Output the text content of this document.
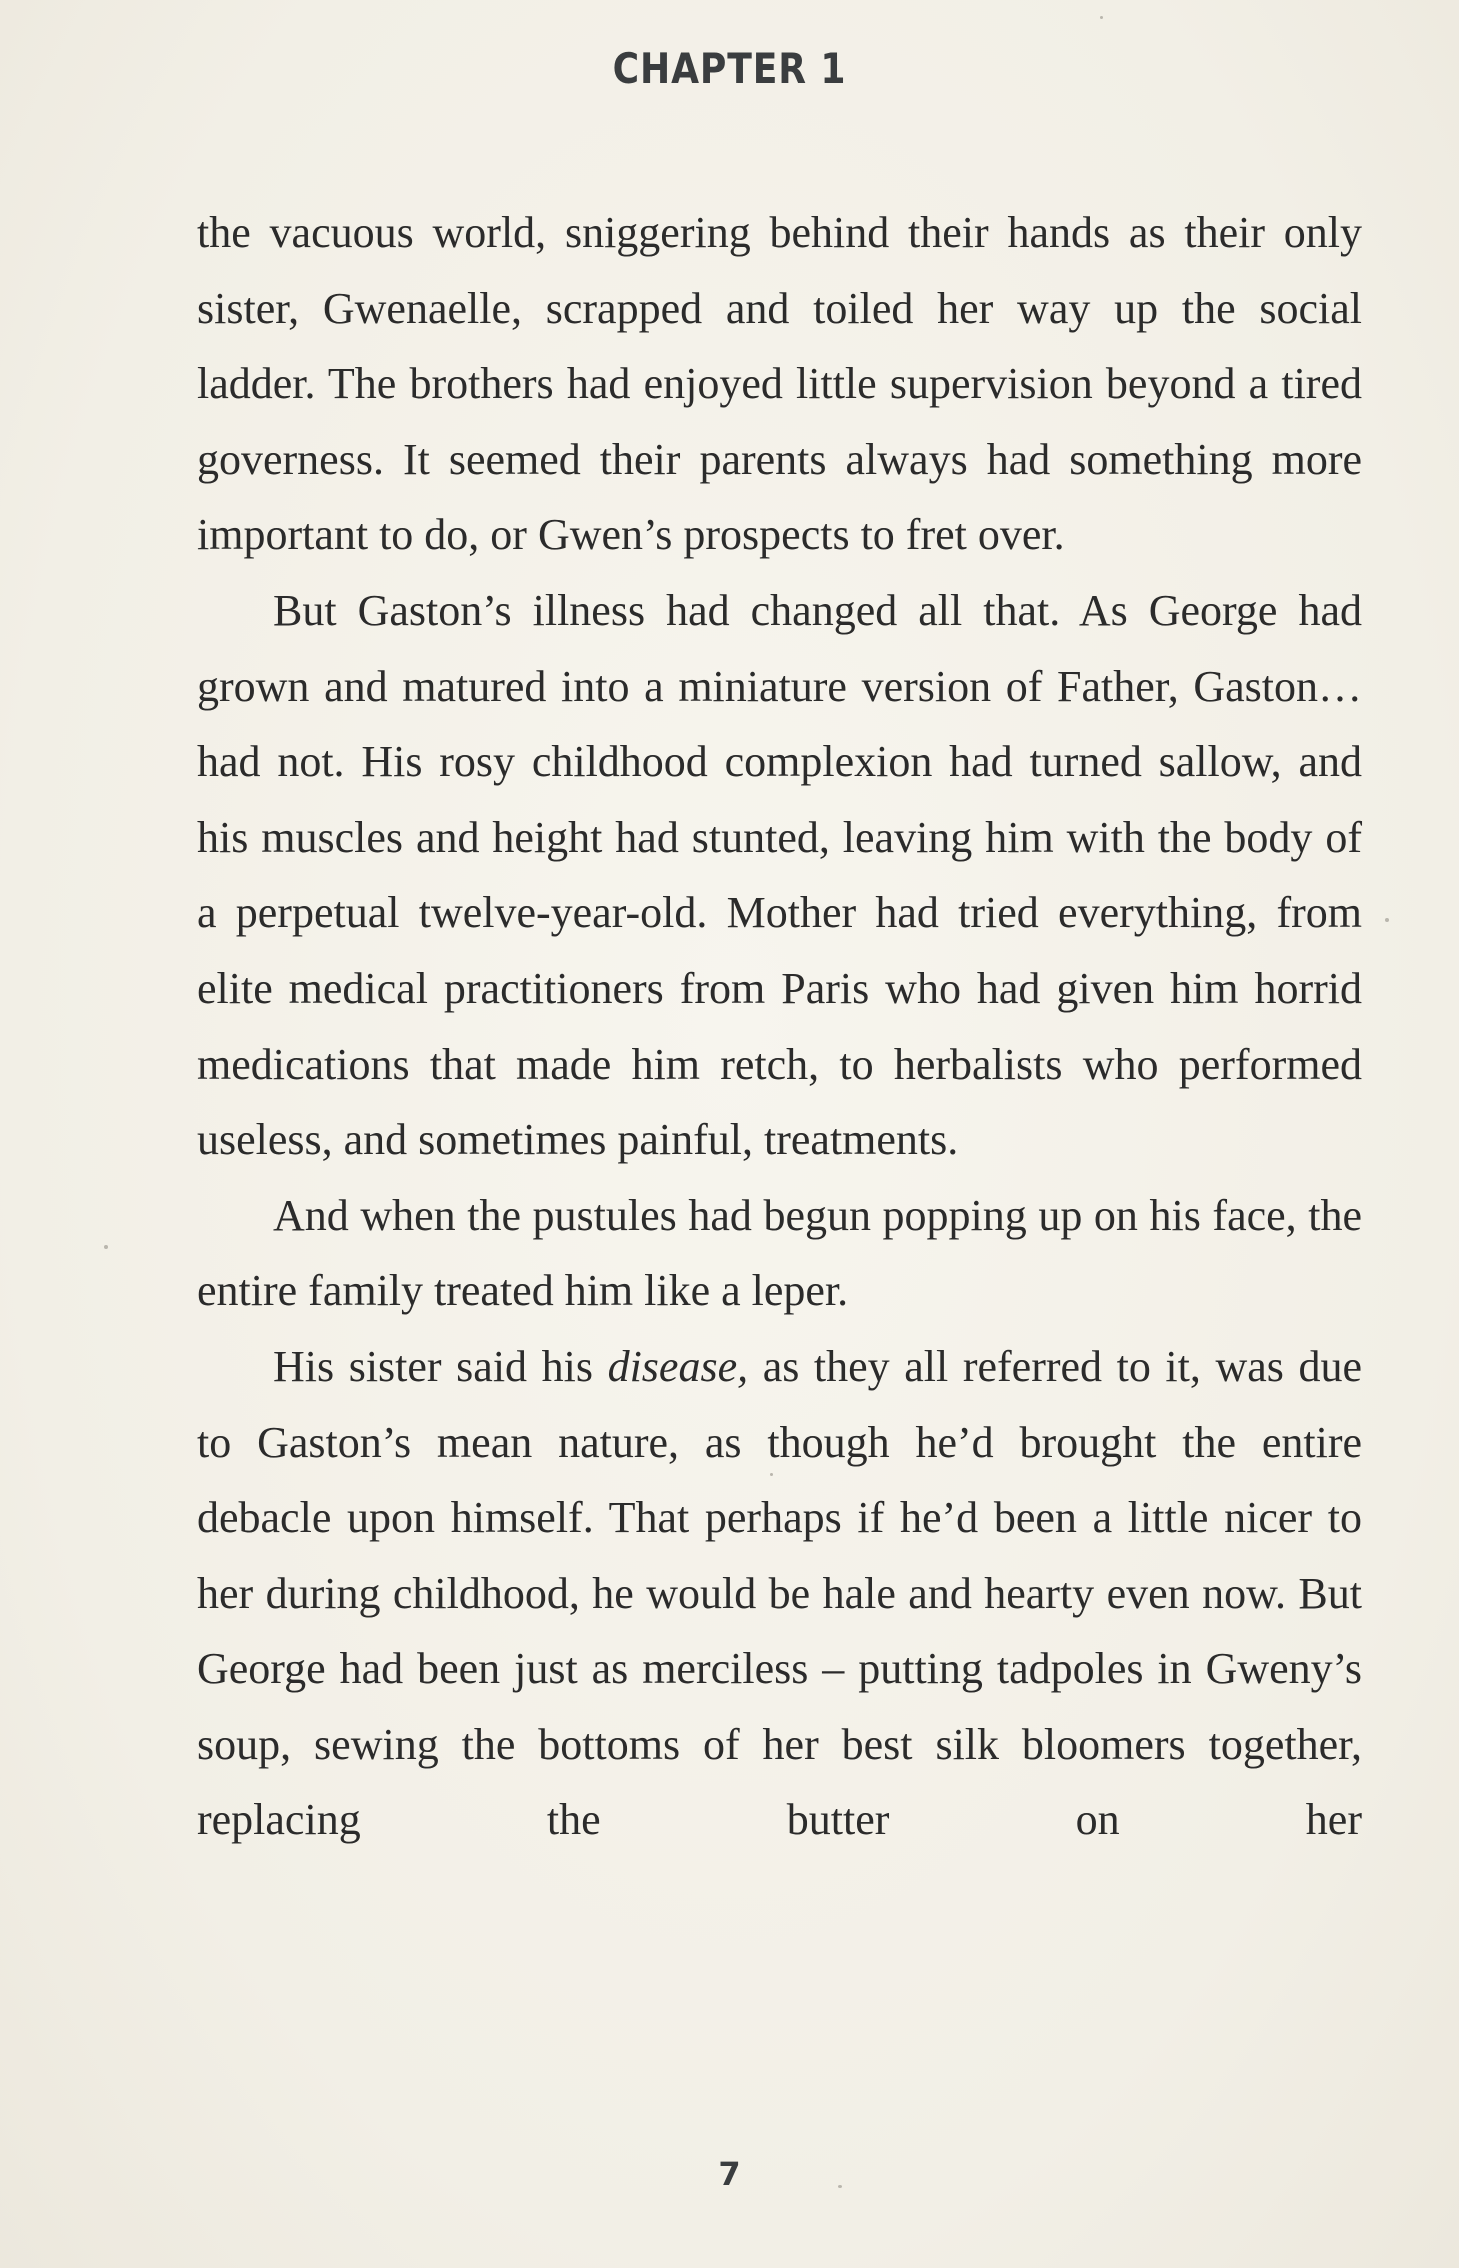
CHAPTER 1

the vacuous world, sniggering behind their hands as their only sister, Gwenaelle, scrapped and toiled her way up the social ladder. The brothers had enjoyed little supervision beyond a tired governess. It seemed their parents always had something more important to do, or Gwen’s prospects to fret over.

But Gaston’s illness had changed all that. As George had grown and matured into a miniature version of Father, Gaston… had not. His rosy childhood complexion had turned sallow, and his muscles and height had stunted, leaving him with the body of a perpetual twelve-year-old. Mother had tried everything, from elite medical practitioners from Paris who had given him horrid medications that made him retch, to herbalists who performed useless, and sometimes painful, treatments.

And when the pustules had begun popping up on his face, the entire family treated him like a leper.

His sister said his disease, as they all referred to it, was due to Gaston’s mean nature, as though he’d brought the entire debacle upon himself. That perhaps if he’d been a little nicer to her during childhood, he would be hale and hearty even now. But George had been just as merciless – putting tadpoles in Gweny’s soup, sewing the bottoms of her best silk bloomers together, replacing the butter on her

7
